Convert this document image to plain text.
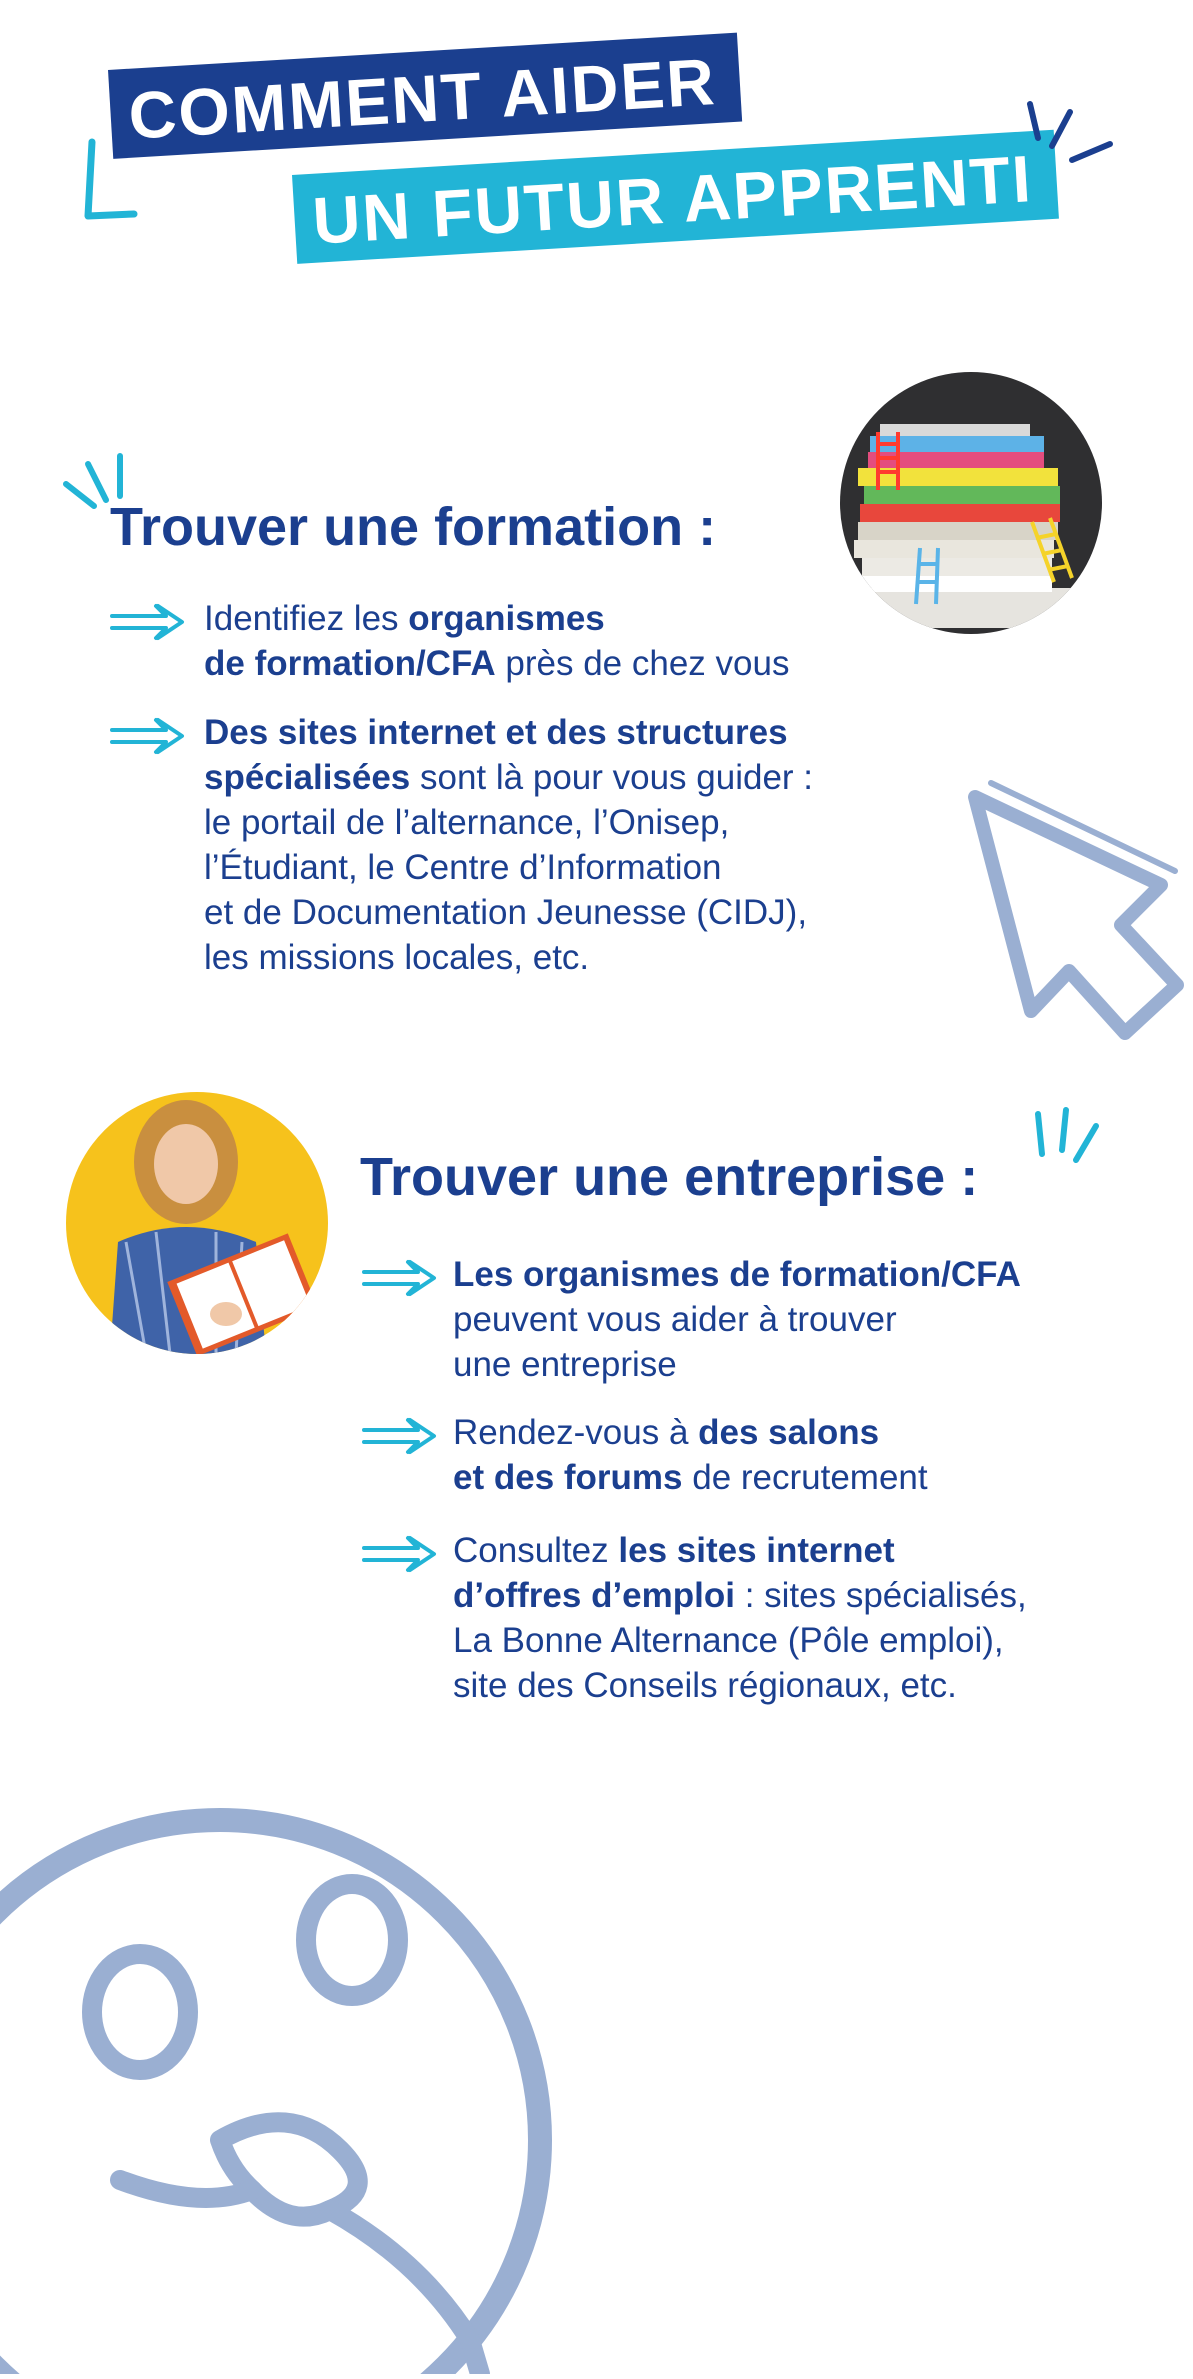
COMMENT AIDER
UN FUTUR APPRENTI
Trouver une formation :
Identifiez les organismes
de formation/CFA près de chez vous
Des sites internet et des structures
spécialisées sont là pour vous guider :
le portail de l’alternance, l’Onisep,
l’Étudiant, le Centre d’Information
et de Documentation Jeunesse (CIDJ),
les missions locales, etc.
Trouver une entreprise :
Les organismes de formation/CFA
peuvent vous aider à trouver
une entreprise
Rendez-vous à des salons
et des forums de recrutement
Consultez les sites internet
d’offres d’emploi : sites spécialisés,
La Bonne Alternance (Pôle emploi),
site des Conseils régionaux, etc.
